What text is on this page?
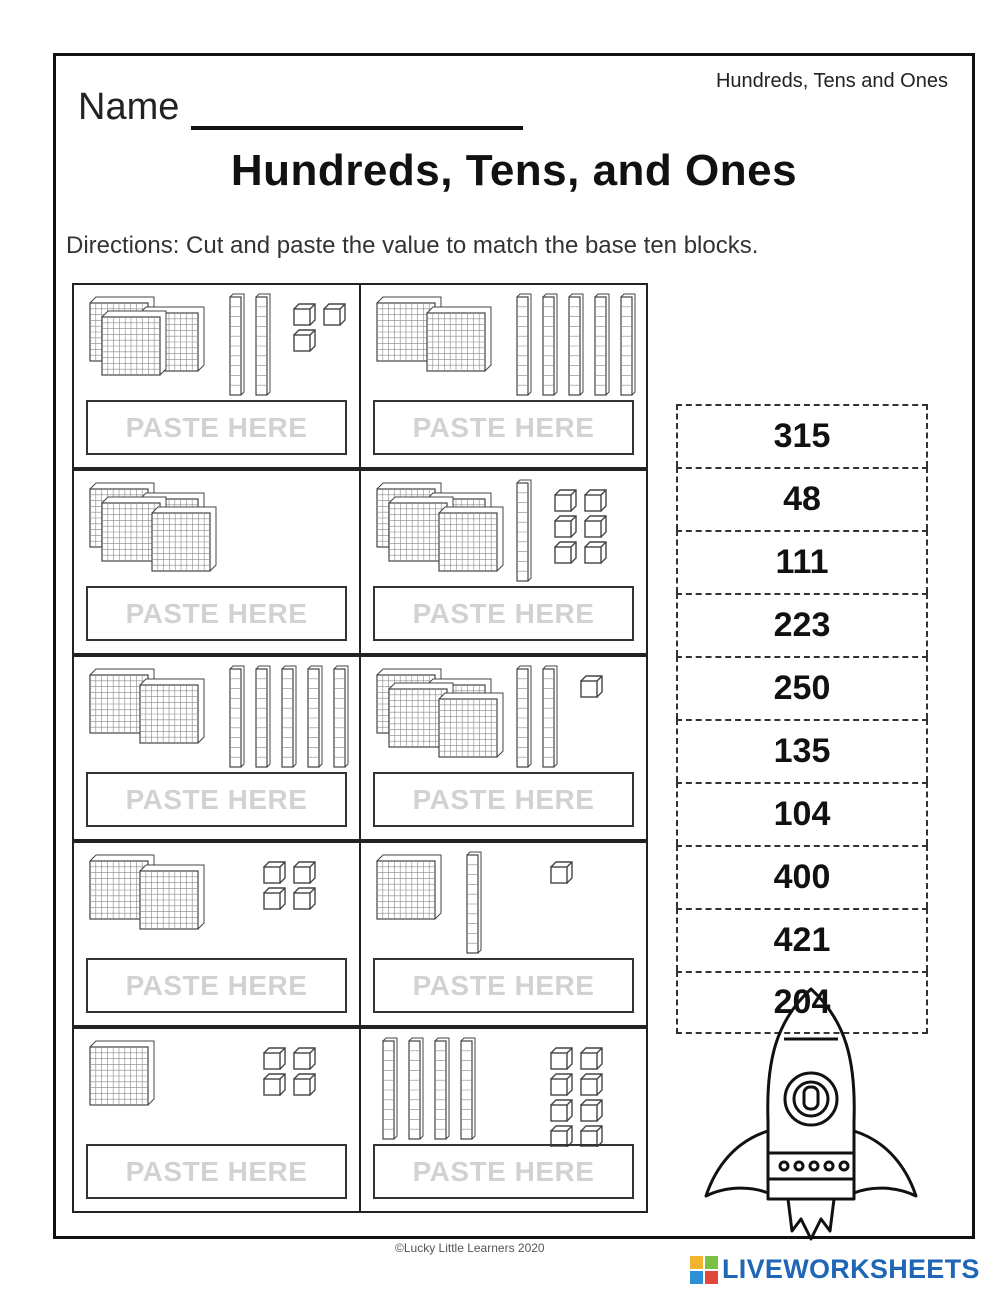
Hundreds, Tens and Ones
Name
Hundreds, Tens, and Ones
Directions: Cut and paste the value to match the base ten blocks.
PASTE HERE	PASTE HERE
PASTE HERE	PASTE HERE
PASTE HERE	PASTE HERE
PASTE HERE	PASTE HERE
PASTE HERE	PASTE HERE
315
48
111
223
250
135
104
400
421
204
©Lucky Little Learners 2020
LIVEWORKSHEETS
